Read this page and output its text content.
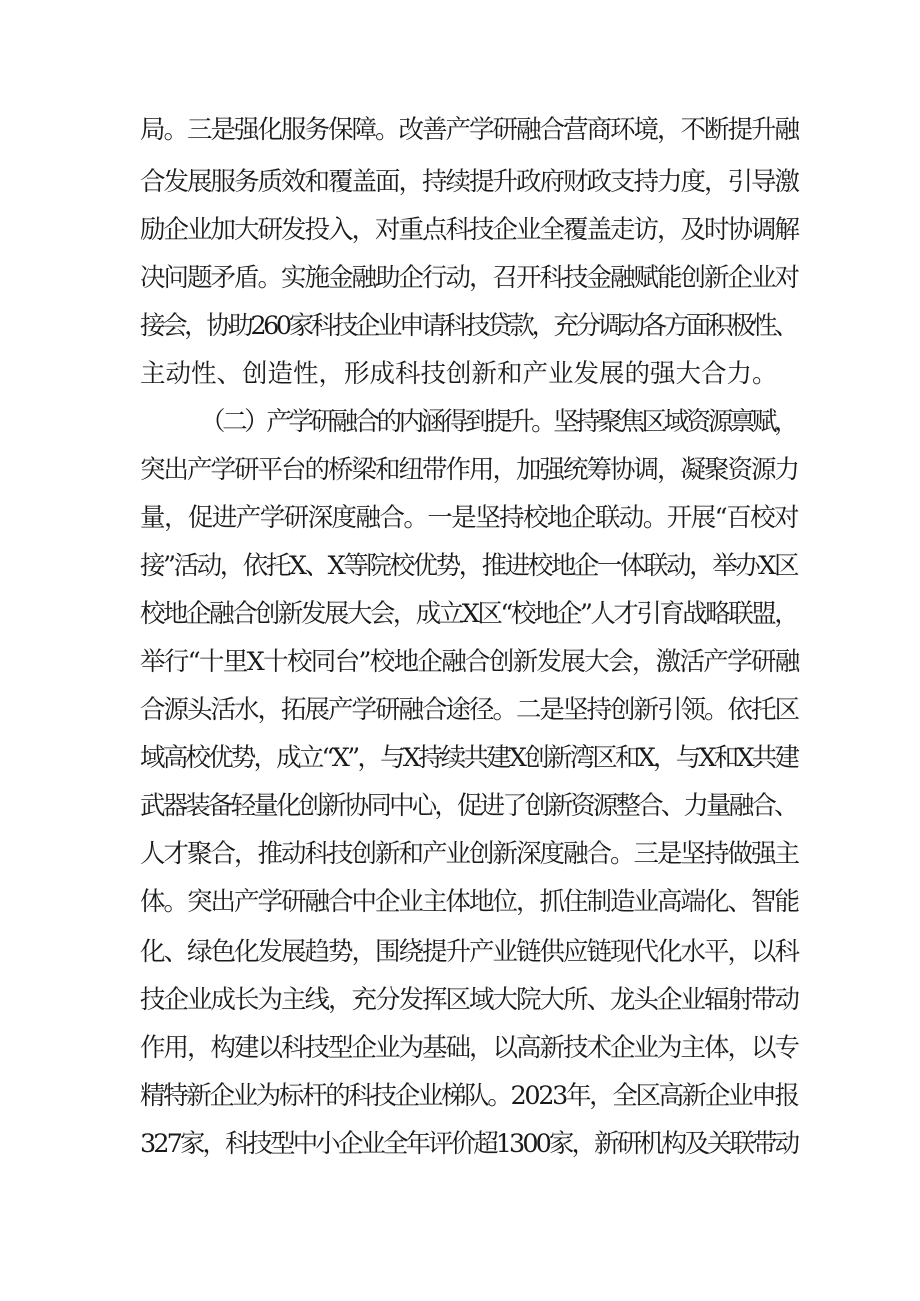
局。三是强化服务保障。改善产学研融合营商环境，不断提升融
合发展服务质效和覆盖面，持续提升政府财政支持力度，引导激
励企业加大研发投入，对重点科技企业全覆盖走访，及时协调解
决问题矛盾。实施金融助企行动，召开科技金融赋能创新企业对
接会，协助260家科技企业申请科技贷款，充分调动各方面积极性、
主动性、创造性，形成科技创新和产业发展的强大合力。
（二）产学研融合的内涵得到提升。坚持聚焦区域资源禀赋，
突出产学研平台的桥梁和纽带作用，加强统筹协调，凝聚资源力
量，促进产学研深度融合。一是坚持校地企联动。开展“百校对
接”活动，依托X、X等院校优势，推进校地企一体联动，举办X区
校地企融合创新发展大会，成立X区“校地企”人才引育战略联盟，
举行“十里X十校同台”校地企融合创新发展大会，激活产学研融
合源头活水，拓展产学研融合途径。二是坚持创新引领。依托区
域高校优势，成立“X”，与X持续共建X创新湾区和X，与X和X共建
武器装备轻量化创新协同中心，促进了创新资源整合、力量融合、
人才聚合，推动科技创新和产业创新深度融合。三是坚持做强主
体。突出产学研融合中企业主体地位，抓住制造业高端化、智能
化、绿色化发展趋势，围绕提升产业链供应链现代化水平，以科
技企业成长为主线，充分发挥区域大院大所、龙头企业辐射带动
作用，构建以科技型企业为基础，以高新技术企业为主体，以专
精特新企业为标杆的科技企业梯队。2023年，全区高新企业申报
327家，科技型中小企业全年评价超1300家，新研机构及关联带动
